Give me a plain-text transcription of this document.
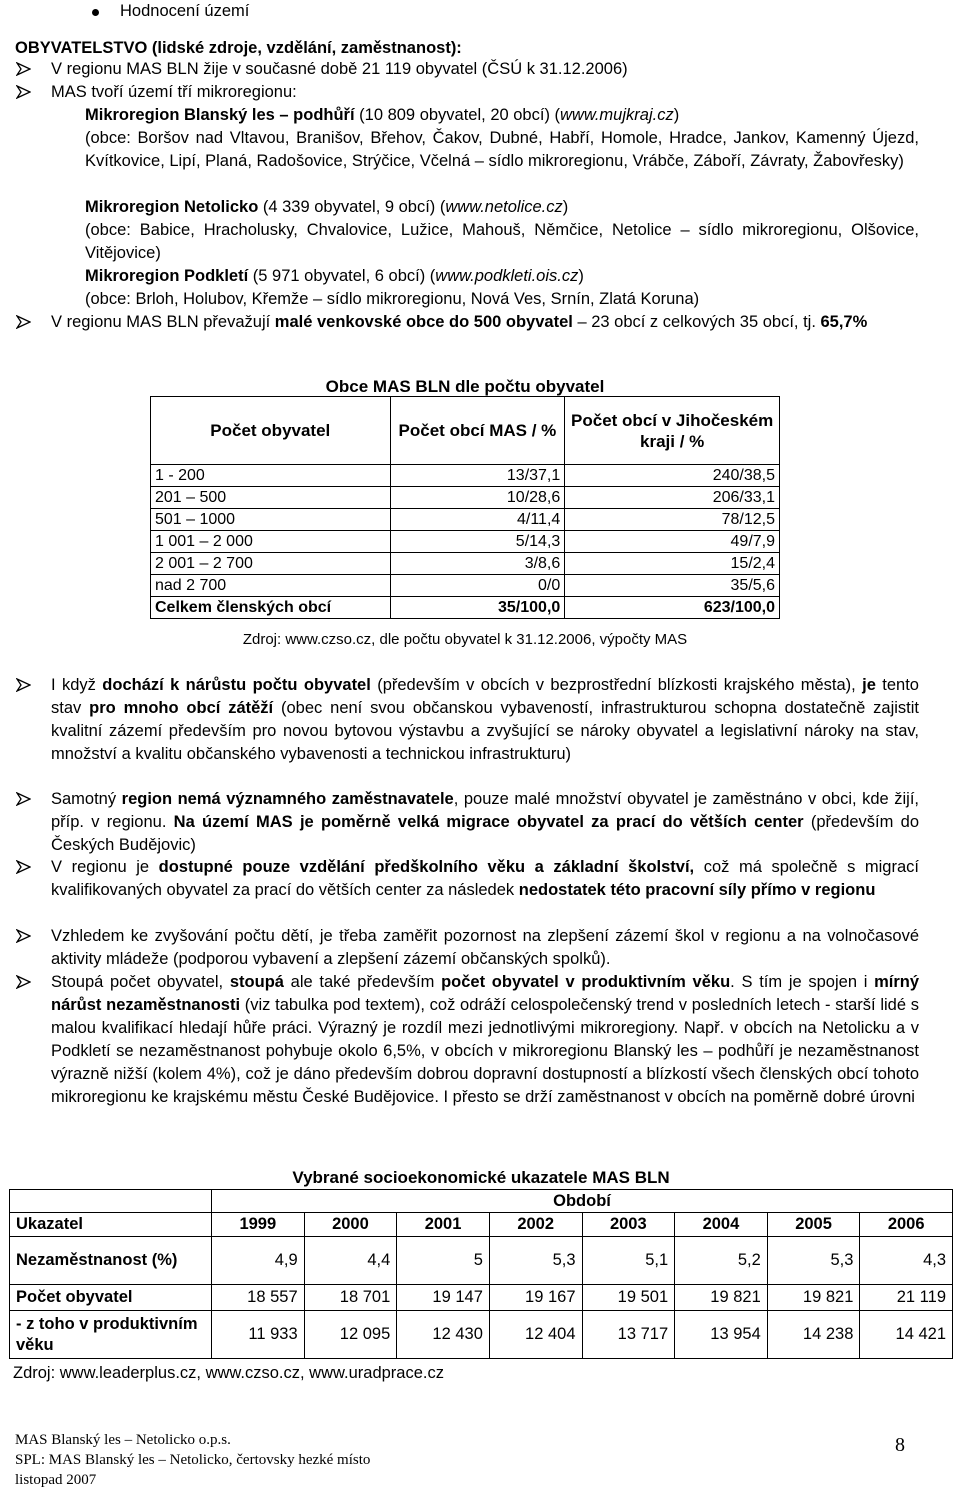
Hodnocení území
OBYVATELSTVO (lidské zdroje, vzdělání, zaměstnanost):
V regionu MAS BLN žije v současné době 21 119 obyvatel (ČSÚ k 31.12.2006)
MAS tvoří území tří mikroregionu:
Mikroregion Blanský les – podhůří (10 809 obyvatel, 20 obcí) (www.mujkraj.cz)
(obce: Boršov nad Vltavou, Branišov, Břehov, Čakov, Dubné, Habří, Homole, Hradce, Jankov, Kamenný Újezd, Kvítkovice, Lipí, Planá, Radošovice, Strýčice, Včelná – sídlo mikroregionu, Vrábče, Záboří, Závraty, Žabovřesky)
Mikroregion Netolicko (4 339 obyvatel, 9 obcí) (www.netolice.cz)
(obce: Babice, Hracholusky, Chvalovice, Lužice, Mahouš, Němčice, Netolice – sídlo mikroregionu, Olšovice, Vitějovice)
Mikroregion Podkletí (5 971 obyvatel, 6 obcí) (www.podkleti.ois.cz)
(obce: Brloh, Holubov, Křemže – sídlo mikroregionu, Nová Ves, Srnín, Zlatá Koruna)
V regionu MAS BLN převažují malé venkovské obce do 500 obyvatel – 23 obcí z celkových 35 obcí, tj. 65,7%
Obce MAS BLN dle počtu obyvatel
Počet obyvatel	Počet obcí MAS / %	Počet obcí v Jihočeském kraji / %
1 - 200	13/37,1	240/38,5
201 – 500	10/28,6	206/33,1
501 – 1000	4/11,4	78/12,5
1 001 – 2 000	5/14,3	49/7,9
2 001 – 2 700	3/8,6	15/2,4
nad 2 700	0/0	35/5,6
Celkem členských obcí	35/100,0	623/100,0
Zdroj: www.czso.cz, dle počtu obyvatel k 31.12.2006, výpočty MAS
I když dochází k nárůstu počtu obyvatel (především v obcích v bezprostřední blízkosti krajského města), je tento stav pro mnoho obcí zátěží (obec není svou občanskou vybaveností, infrastrukturou schopna dostatečně zajistit kvalitní zázemí především pro novou bytovou výstavbu a zvyšující se nároky obyvatel a legislativní nároky na stav, množství a kvalitu občanského vybavenosti a technickou infrastrukturu)
Samotný region nemá významného zaměstnavatele, pouze malé množství obyvatel je zaměstnáno v obci, kde žijí, příp. v regionu. Na území MAS je poměrně velká migrace obyvatel za prací do větších center (především do Českých Budějovic)
V regionu je dostupné pouze vzdělání předškolního věku a základní školství, což má společně s migrací kvalifikovaných obyvatel za prací do větších center za následek nedostatek této pracovní síly přímo v regionu
Vzhledem ke zvyšování počtu dětí, je třeba zaměřit pozornost na zlepšení zázemí škol v regionu a na volnočasové aktivity mládeže (podporou vybavení a zlepšení zázemí občanských spolků).
Stoupá počet obyvatel, stoupá ale také především počet obyvatel v produktivním věku. S tím je spojen i mírný nárůst nezaměstnanosti (viz tabulka pod textem), což odráží celospolečenský trend v posledních letech - starší lidé s malou kvalifikací hledají hůře práci. Výrazný je rozdíl mezi jednotlivými mikroregiony. Např. v obcích na Netolicku a v Podkletí se nezaměstnanost pohybuje okolo 6,5%, v obcích v mikroregionu Blanský les – podhůří je nezaměstnanost výrazně nižší (kolem 4%), což je dáno především dobrou dopravní dostupností a blízkostí všech členských obcí tohoto mikroregionu ke krajskému městu České Budějovice. I přesto se drží zaměstnanost v obcích na poměrně dobré úrovni
Vybrané socioekonomické ukazatele MAS BLN
	Období							
Ukazatel	1999	2000	2001	2002	2003	2004	2005	2006
Nezaměstnanost (%)	4,9	4,4	5	5,3	5,1	5,2	5,3	4,3
Počet obyvatel	18 557	18 701	19 147	19 167	19 501	19 821	19 821	21 119
- z toho v produktivním věku	11 933	12 095	12 430	12 404	13 717	13 954	14 238	14 421
Zdroj: www.leaderplus.cz, www.czso.cz, www.uradprace.cz
MAS Blanský les – Netolicko o.p.s.
SPL: MAS Blanský les – Netolicko, čertovsky hezké místo
listopad 2007
8
